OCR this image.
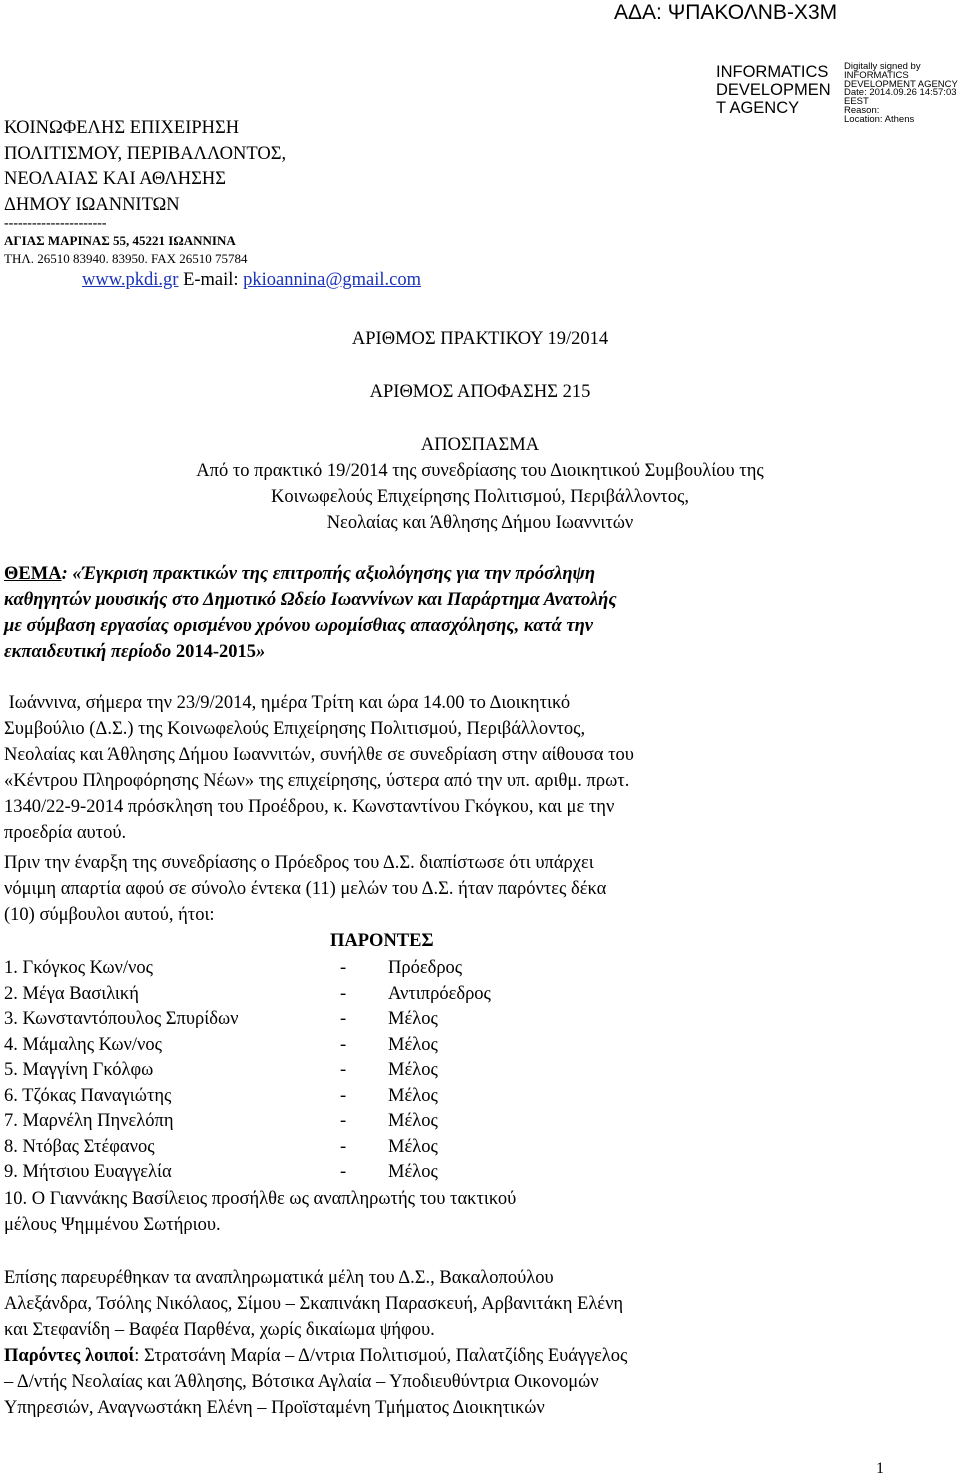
ΑΔΑ: ΨΠΑΚΟΛΝΒ-Χ3Μ
INFORMATICS
DEVELOPMEN
T AGENCY
Digitally signed by
INFORMATICS
DEVELOPMENT AGENCY
Date: 2014.09.26 14:57:03
EEST
Reason:
Location: Athens
ΚΟΙΝΩΦΕΛΗΣ ΕΠΙΧΕΙΡΗΣΗ
ΠΟΛΙΤΙΣΜΟΥ, ΠΕΡΙΒΑΛΛΟΝΤΟΣ,
ΝΕΟΛΑΙΑΣ ΚΑΙ ΑΘΛΗΣΗΣ
ΔΗΜΟΥ ΙΩΑΝΝΙΤΩΝ
----------------------
ΑΓΙΑΣ ΜΑΡΙΝΑΣ 55, 45221 ΙΩΑΝΝΙΝΑ
ΤΗΛ. 26510 83940. 83950. FAX 26510 75784
www.pkdi.gr E-mail: pkioannina@gmail.com
ΑΡΙΘΜΟΣ ΠΡΑΚΤΙΚΟΥ 19/2014
ΑΡΙΘΜΟΣ ΑΠΟΦΑΣΗΣ 215
ΑΠΟΣΠΑΣΜΑ
Από το πρακτικό 19/2014 της συνεδρίασης του Διοικητικού Συμβουλίου της
Κοινωφελούς Επιχείρησης Πολιτισμού, Περιβάλλοντος,
Νεολαίας και Άθλησης Δήμου Ιωαννιτών
ΘΕΜΑ: «Έγκριση πρακτικών της επιτροπής αξιολόγησης για την πρόσληψη
καθηγητών μουσικής στο Δημοτικό Ωδείο Ιωαννίνων και Παράρτημα Ανατολής
με σύμβαση εργασίας ορισμένου χρόνου ωρομίσθιας απασχόλησης, κατά την
εκπαιδευτική περίοδο 2014-2015»
Ιωάννινα, σήμερα την 23/9/2014, ημέρα Τρίτη και ώρα 14.00 το Διοικητικό
Συμβούλιο (Δ.Σ.) της Κοινωφελούς Επιχείρησης Πολιτισμού, Περιβάλλοντος,
Νεολαίας και Άθλησης Δήμου Ιωαννιτών, συνήλθε σε συνεδρίαση στην αίθουσα του
«Κέντρου Πληροφόρησης Νέων» της επιχείρησης, ύστερα από την υπ. αριθμ. πρωτ.
1340/22-9-2014 πρόσκληση του Προέδρου, κ. Κωνσταντίνου Γκόγκου, και με την
προεδρία αυτού.
Πριν την έναρξη της συνεδρίασης ο Πρόεδρος του Δ.Σ. διαπίστωσε ότι υπάρχει
νόμιμη απαρτία αφού σε σύνολο έντεκα (11) μελών του Δ.Σ. ήταν παρόντες δέκα
(10) σύμβουλοι αυτού, ήτοι:
ΠΑΡΟΝΤΕΣ
1. Γκόγκος Κων/νος	- Πρόεδρος
2. Μέγα Βασιλική	- Αντιπρόεδρος
3. Κωνσταντόπουλος Σπυρίδων	- Μέλος
4. Μάμαλης Κων/νος	- Μέλος
5. Μαγγίνη Γκόλφω	- Μέλος
6. Τζόκας Παναγιώτης	- Μέλος
7. Μαρνέλη Πηνελόπη	- Μέλος
8. Ντόβας Στέφανος	- Μέλος
9. Μήτσιου Ευαγγελία	- Μέλος
10. Ο Γιαννάκης Βασίλειος προσήλθε ως αναπληρωτής του τακτικού
μέλους Ψημμένου Σωτήριου.
Επίσης παρευρέθηκαν τα αναπληρωματικά μέλη του Δ.Σ., Βακαλοπούλου
Αλεξάνδρα, Τσόλης Νικόλαος, Σίμου – Σκαπινάκη Παρασκευή, Αρβανιτάκη Ελένη
και Στεφανίδη – Βαφέα Παρθένα, χωρίς δικαίωμα ψήφου.
Παρόντες λοιποί: Στρατσάνη Μαρία – Δ/ντρια Πολιτισμού, Παλατζίδης Ευάγγελος
– Δ/ντής Νεολαίας και Άθλησης, Βότσικα Αγλαία – Υποδιευθύντρια Οικονομών
Υπηρεσιών, Αναγνωστάκη Ελένη – Προϊσταμένη Τμήματος Διοικητικών
1
